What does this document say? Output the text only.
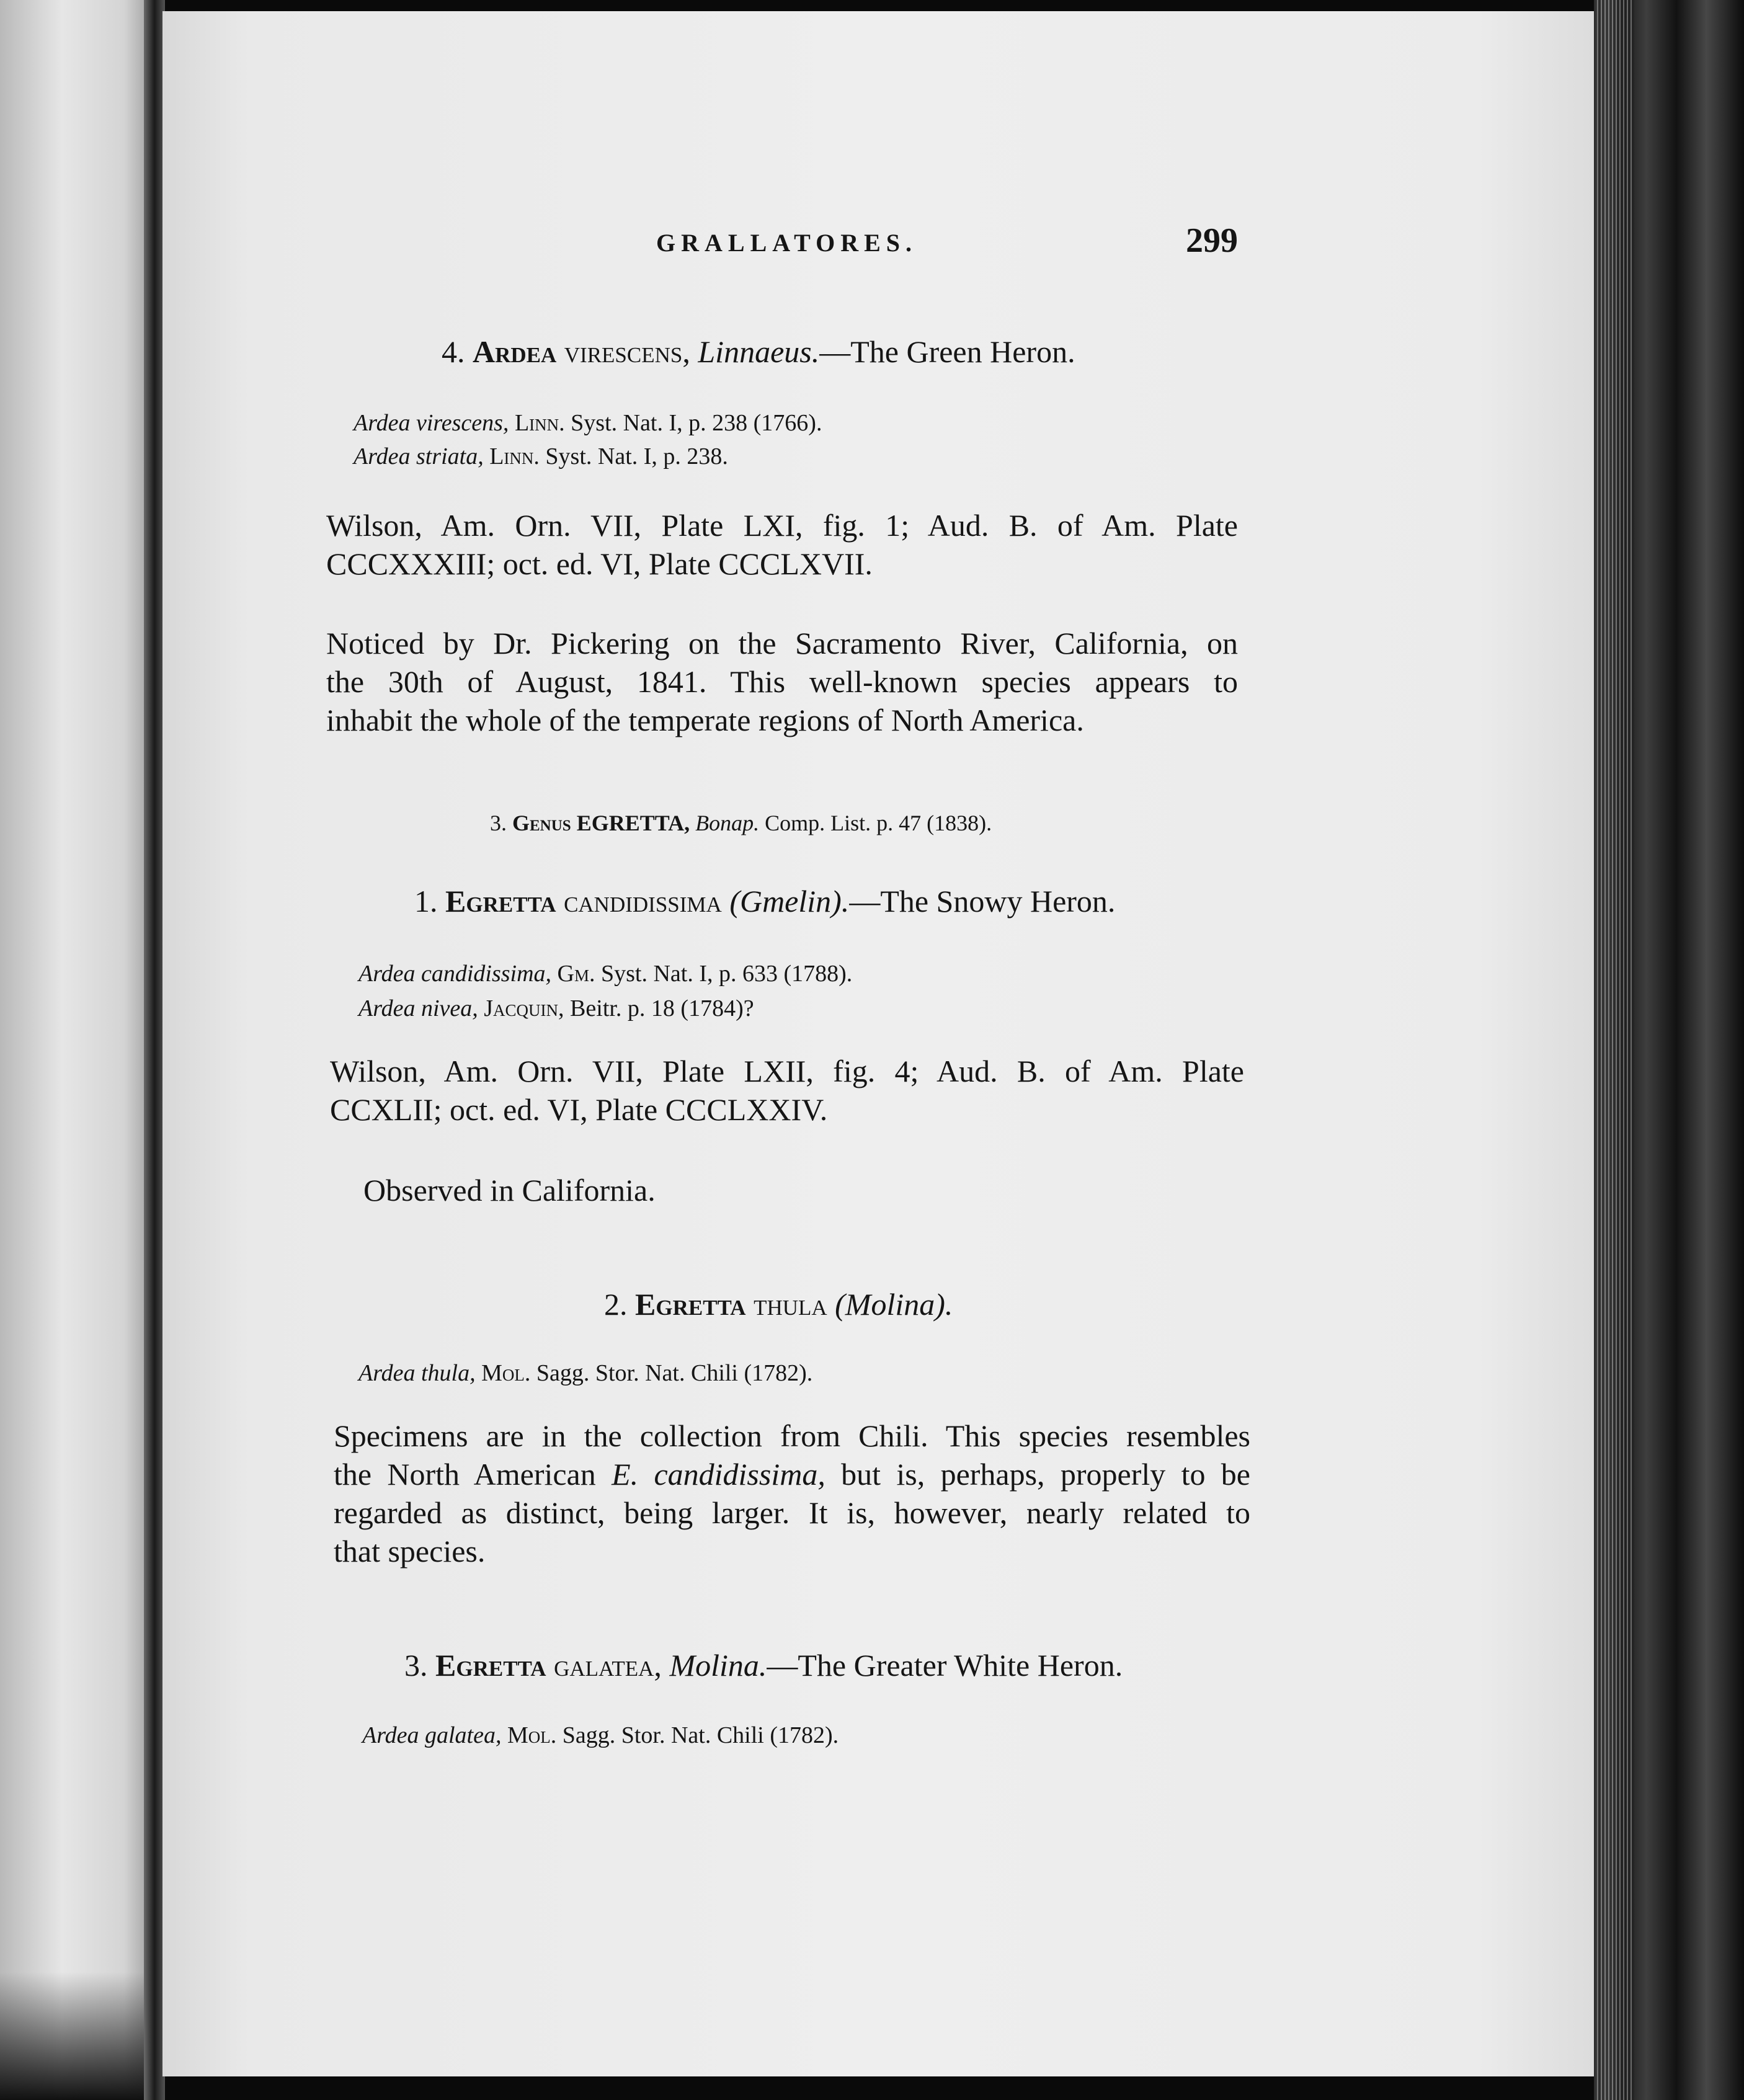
GRALLATORES.	299
4. Ardea virescens, Linnaeus.—The Green Heron.
Ardea virescens, Linn. Syst. Nat. I, p. 238 (1766).
Ardea striata, Linn. Syst. Nat. I, p. 238.
Wilson, Am. Orn. VII, Plate LXI, fig. 1; Aud. B. of Am. Plate
CCCXXXIII; oct. ed. VI, Plate CCCLXVII.
Noticed by Dr. Pickering on the Sacramento River, California, on
the 30th of August, 1841. This well-known species appears to
inhabit the whole of the temperate regions of North America.
3. Genus EGRETTA, Bonap. Comp. List. p. 47 (1838).
1. Egretta candidissima (Gmelin).—The Snowy Heron.
Ardea candidissima, Gm. Syst. Nat. I, p. 633 (1788).
Ardea nivea, Jacquin, Beitr. p. 18 (1784)?
Wilson, Am. Orn. VII, Plate LXII, fig. 4; Aud. B. of Am. Plate
CCXLII; oct. ed. VI, Plate CCCLXXIV.
Observed in California.
2. Egretta thula (Molina).
Ardea thula, Mol. Sagg. Stor. Nat. Chili (1782).
Specimens are in the collection from Chili. This species resembles
the North American E. candidissima, but is, perhaps, properly to be
regarded as distinct, being larger. It is, however, nearly related to
that species.
3. Egretta galatea, Molina.—The Greater White Heron.
Ardea galatea, Mol. Sagg. Stor. Nat. Chili (1782).
